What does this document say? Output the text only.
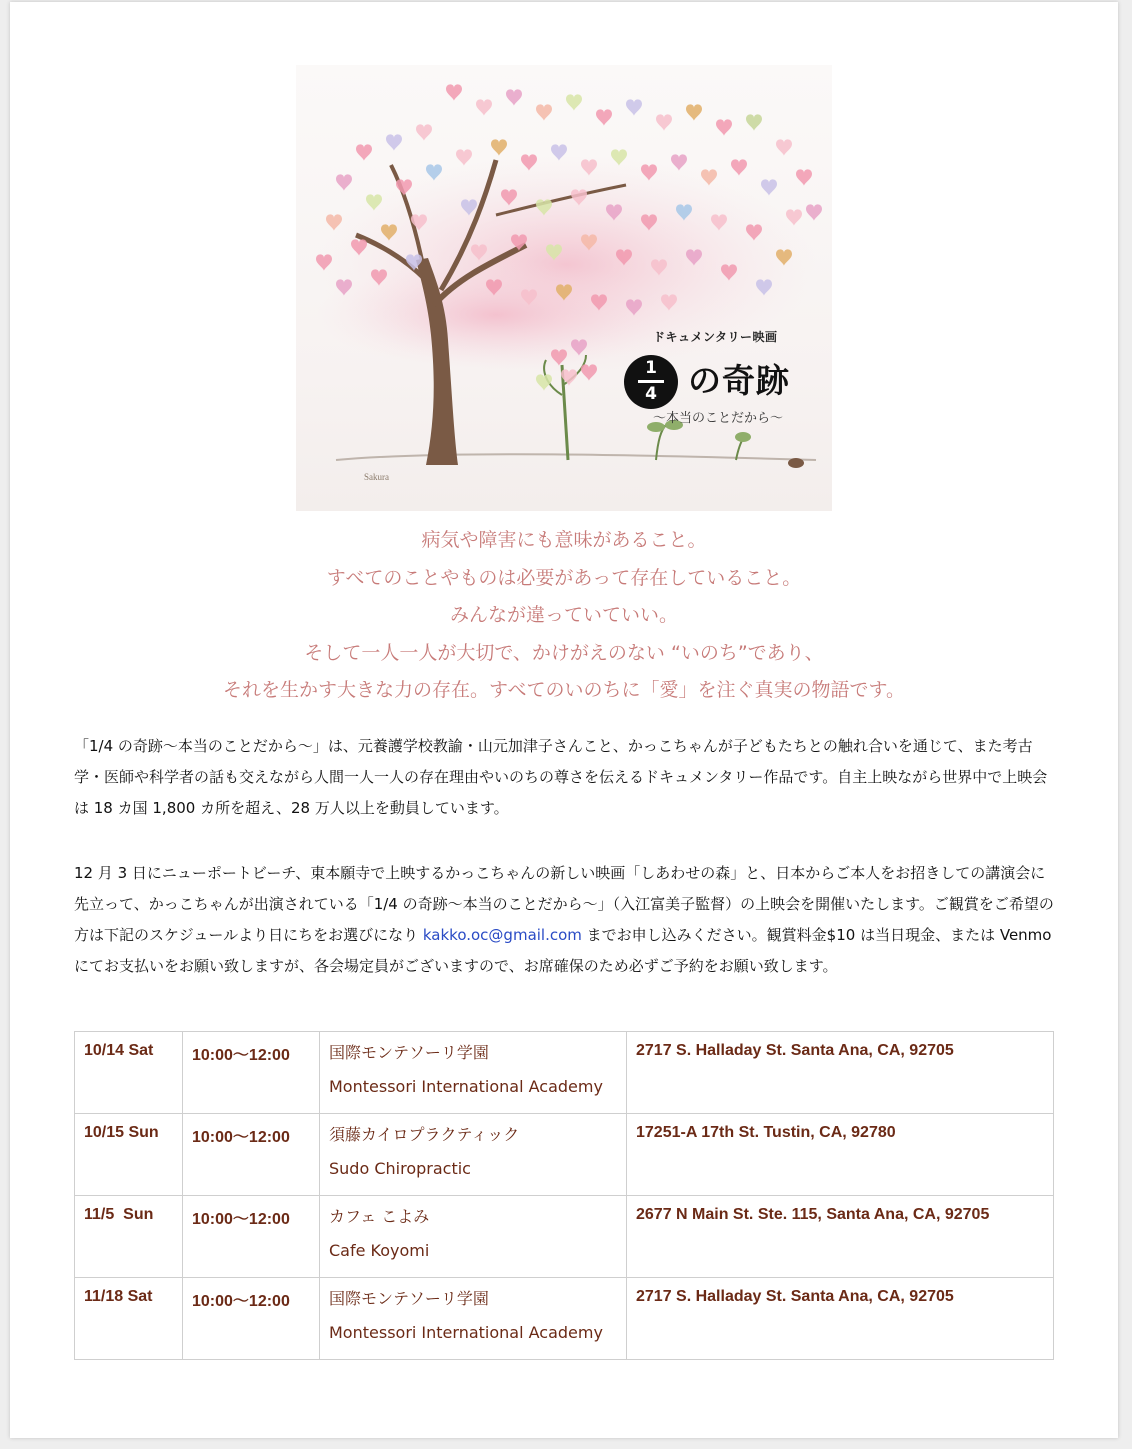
Sakura
ドキュメンタリー映画
1
4 の奇跡
〜本当のことだから〜
病気や障害にも意味があること。
すべてのことやものは必要があって存在していること。
みんなが違っていていい。
そして一人一人が大切で、かけがえのない “いのち”であり、
それを生かす大きな力の存在。すべてのいのちに「愛」を注ぐ真実の物語です。
「1/4 の奇跡〜本当のことだから〜」は、元養護学校教諭・山元加津子さんこと、かっこちゃんが子どもたちとの触れ合いを通じて、また考古学・医師や科学者の話も交えながら人間一人一人の存在理由やいのちの尊さを伝えるドキュメンタリー作品です。自主上映ながら世界中で上映会は 18 カ国 1,800 カ所を超え、28 万人以上を動員しています。
12 月 3 日にニューポートビーチ、東本願寺で上映するかっこちゃんの新しい映画「しあわせの森」と、日本からご本人をお招きしての講演会に先立って、かっこちゃんが出演されている「1/4 の奇跡〜本当のことだから〜」（入江富美子監督）の上映会を開催いたします。ご観賞をご希望の方は下記のスケジュールより日にちをお選びになり kakko.oc@gmail.com までお申し込みください。観賞料金$10 は当日現金、または Venmo にてお支払いをお願い致しますが、各会場定員がございますので、お席確保のため必ずご予約をお願い致します。
10/14 Sat	10:00〜12:00	国際モンテソーリ学園
Montessori International Academy	2717 S. Halladay St. Santa Ana, CA, 92705
10/15 Sun	10:00〜12:00	須藤カイロプラクティック
Sudo Chiropractic	17251-A 17th St. Tustin, CA, 92780
11/5  Sun	10:00〜12:00	カフェ こよみ
Cafe Koyomi	2677 N Main St. Ste. 115, Santa Ana, CA, 92705
11/18 Sat	10:00〜12:00	国際モンテソーリ学園
Montessori International Academy	2717 S. Halladay St. Santa Ana, CA, 92705
